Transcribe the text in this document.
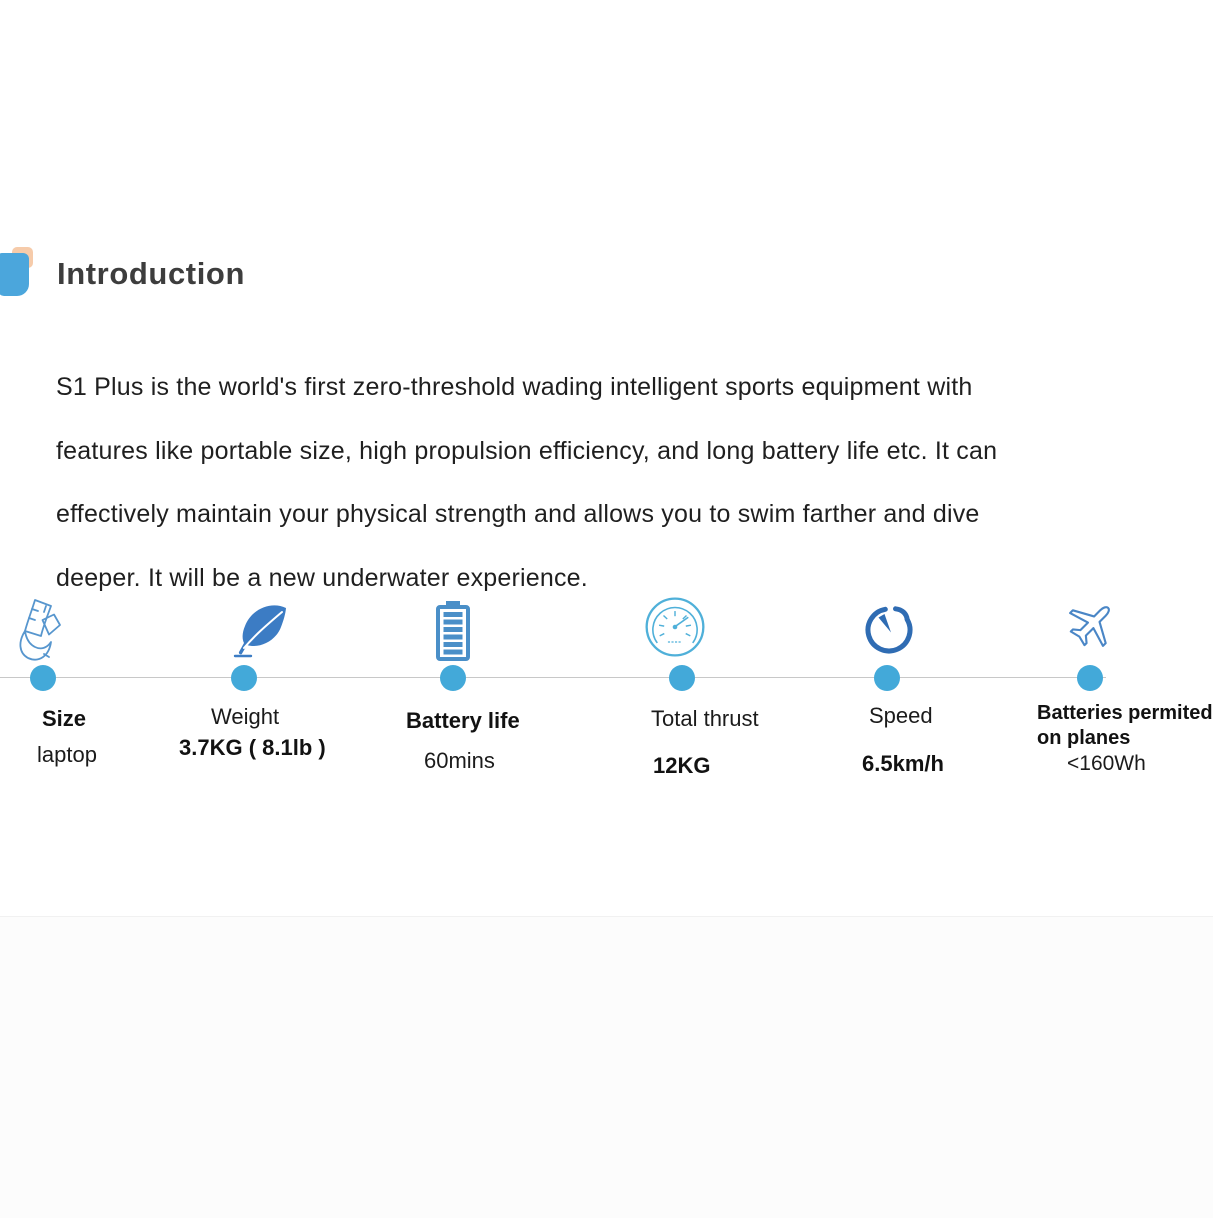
Introduction
S1 Plus is the world's first zero-threshold wading intelligent sports equipment with
features like portable size, high propulsion efficiency, and long battery life etc. It can
effectively maintain your physical strength and allows you to swim farther and dive
deeper. It will be a new underwater experience.
Size
laptop
Weight
3.7KG ( 8.1lb )
Battery life
60mins
Total thrust
12KG
Speed
6.5km/h
Batteries permited on planes
<160Wh
